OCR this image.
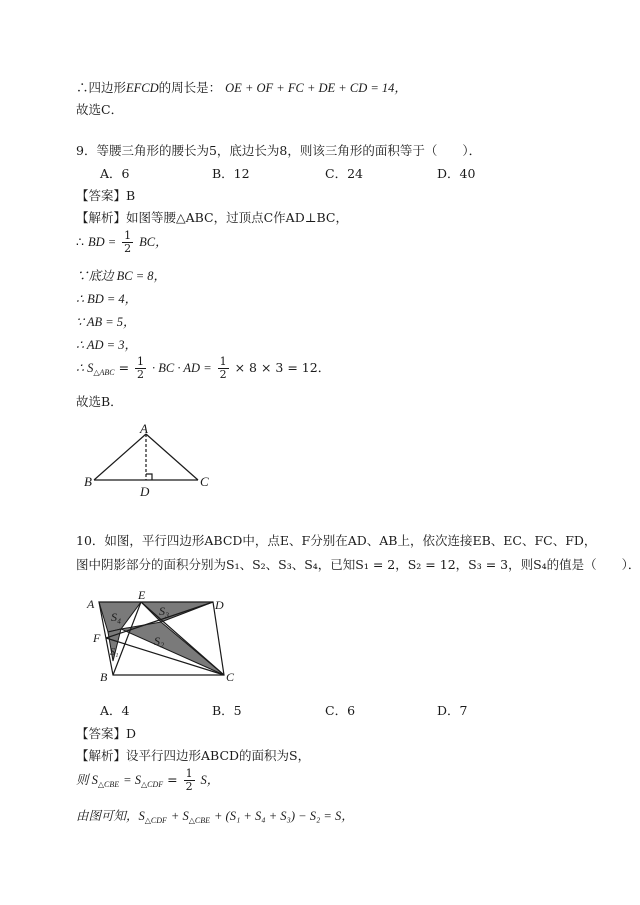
∴四边形EFCD的周长是： OE + OF + FC + DE + CD = 14，
故选C．
9．等腰三角形的腰长为5，底边长为8，则该三角形的面积等于（　　）．
A．6	B．12	C．24	D．40
【答案】B
【解析】如图等腰△ABC，过顶点C作AD⊥BC，
∴ BD = $\frac{1}{2}$ BC，
∵底边 BC = 8，
∴ BD = 4，
∵ AB = 5，
∴ AD = 3，
∴ $S_{\triangle ABC} = \frac{1}{2}$ · BC · AD = $\frac{1}{2} \times 8 \times 3 = 12$．
故选B．
A
B	C
D
10．如图，平行四边形ABCD中，点E、F分别在AD、AB上，依次连接EB、EC、FC、FD，
图中阴影部分的面积分别为S₁、S₂、S₃、S₄，已知S₁ = 2，S₂ = 12，S₃ = 3，则S₄的值是（　　）．
A
E
D
F
B	C
S₄	S₃
S₂
S₁
A．4	B．5	C．6	D．7
【答案】D
【解析】设平行四边形ABCD的面积为S，
则 $S_{\triangle CBE} = S_{\triangle CDF} = \frac{1}{2}$ S，
由图可知，$S_{\triangle CDF} + S_{\triangle CBE} + (S_1 + S_4 + S_3) - S_2 = S$，
